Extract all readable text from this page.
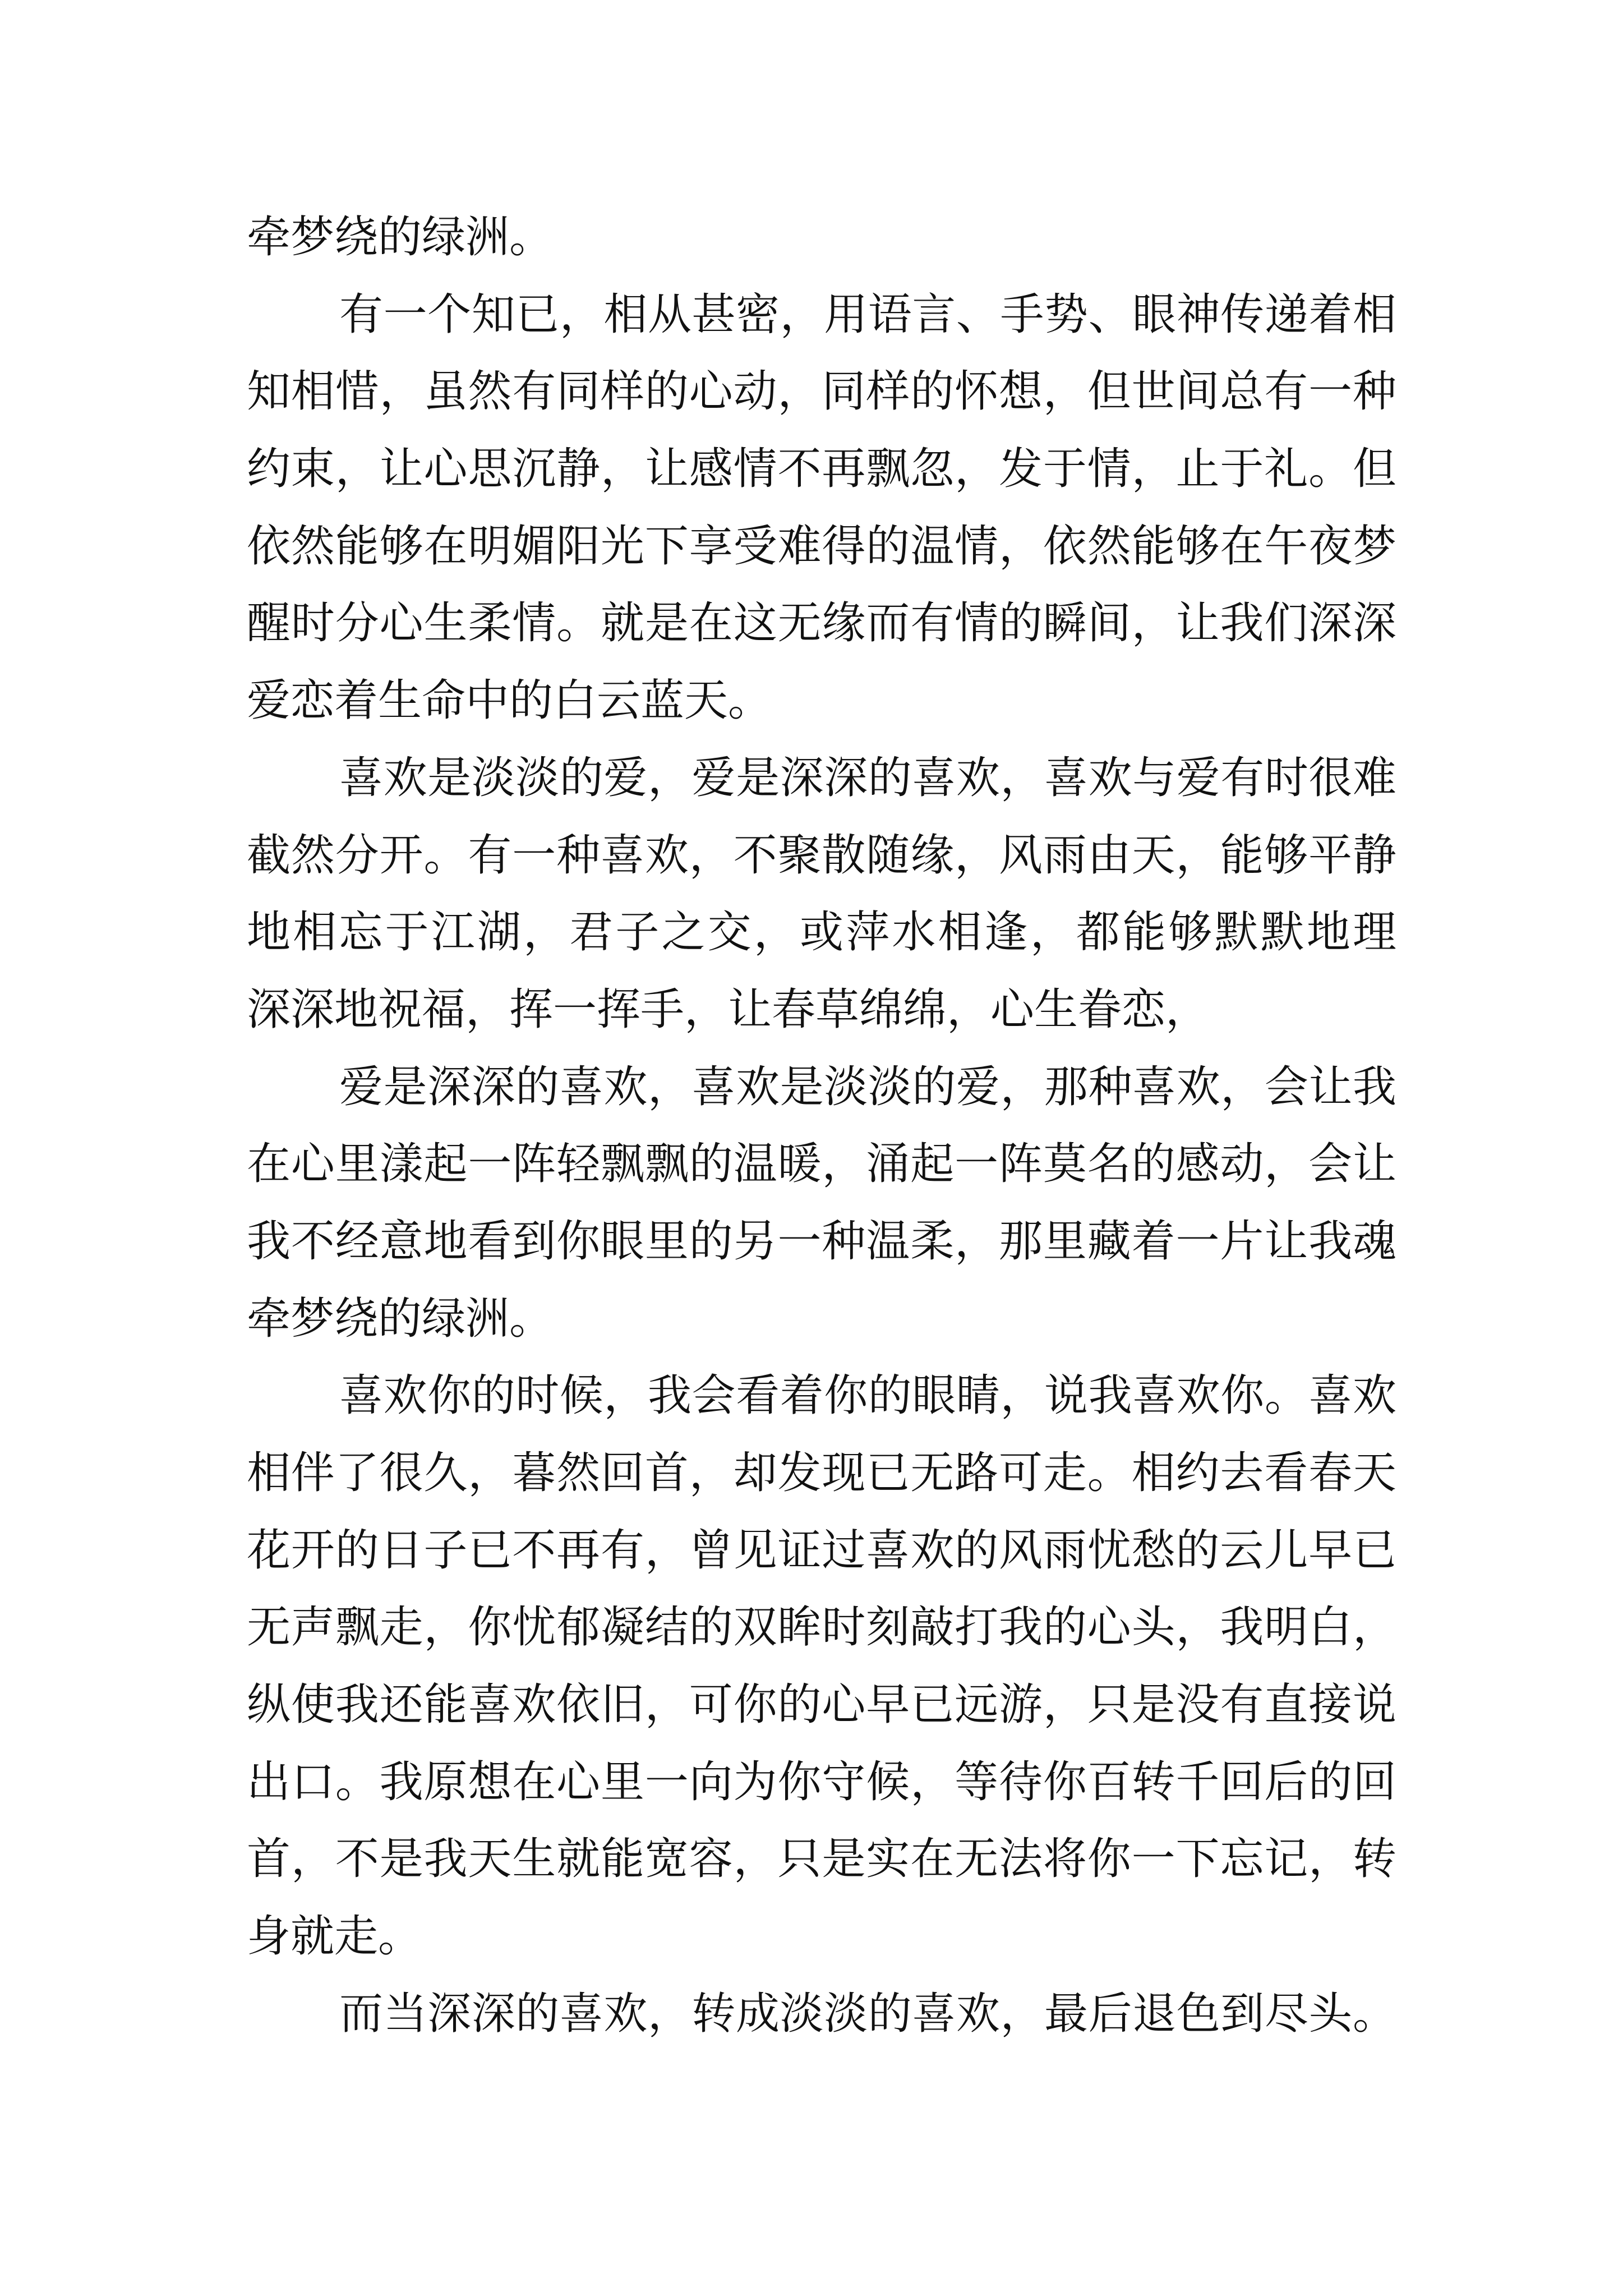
牵梦绕的绿洲。
有一个知已，相从甚密，用语言、手势、眼神传递着相
知相惜，虽然有同样的心动，同样的怀想，但世间总有一种
约束，让心思沉静，让感情不再飘忽，发于情，止于礼。但
依然能够在明媚阳光下享受难得的温情，依然能够在午夜梦
醒时分心生柔情。就是在这无缘而有情的瞬间，让我们深深
爱恋着生命中的白云蓝天。
喜欢是淡淡的爱，爱是深深的喜欢，喜欢与爱有时很难
截然分开。有一种喜欢，不聚散随缘，风雨由天，能够平静
地相忘于江湖，君子之交，或萍水相逢，都能够默默地理
深深地祝福，挥一挥手，让春草绵绵，心生眷恋，
爱是深深的喜欢，喜欢是淡淡的爱，那种喜欢，会让我
在心里漾起一阵轻飘飘的温暖，涌起一阵莫名的感动，会让
我不经意地看到你眼里的另一种温柔，那里藏着一片让我魂
牵梦绕的绿洲。
喜欢你的时候，我会看着你的眼睛，说我喜欢你。喜欢
相伴了很久，暮然回首，却发现已无路可走。相约去看春天
花开的日子已不再有，曾见证过喜欢的风雨忧愁的云儿早已
无声飘走，你忧郁凝结的双眸时刻敲打我的心头，我明白，
纵使我还能喜欢依旧，可你的心早已远游，只是没有直接说
出口。我原想在心里一向为你守候，等待你百转千回后的回
首，不是我天生就能宽容，只是实在无法将你一下忘记，转
身就走。
而当深深的喜欢，转成淡淡的喜欢，最后退色到尽头。
